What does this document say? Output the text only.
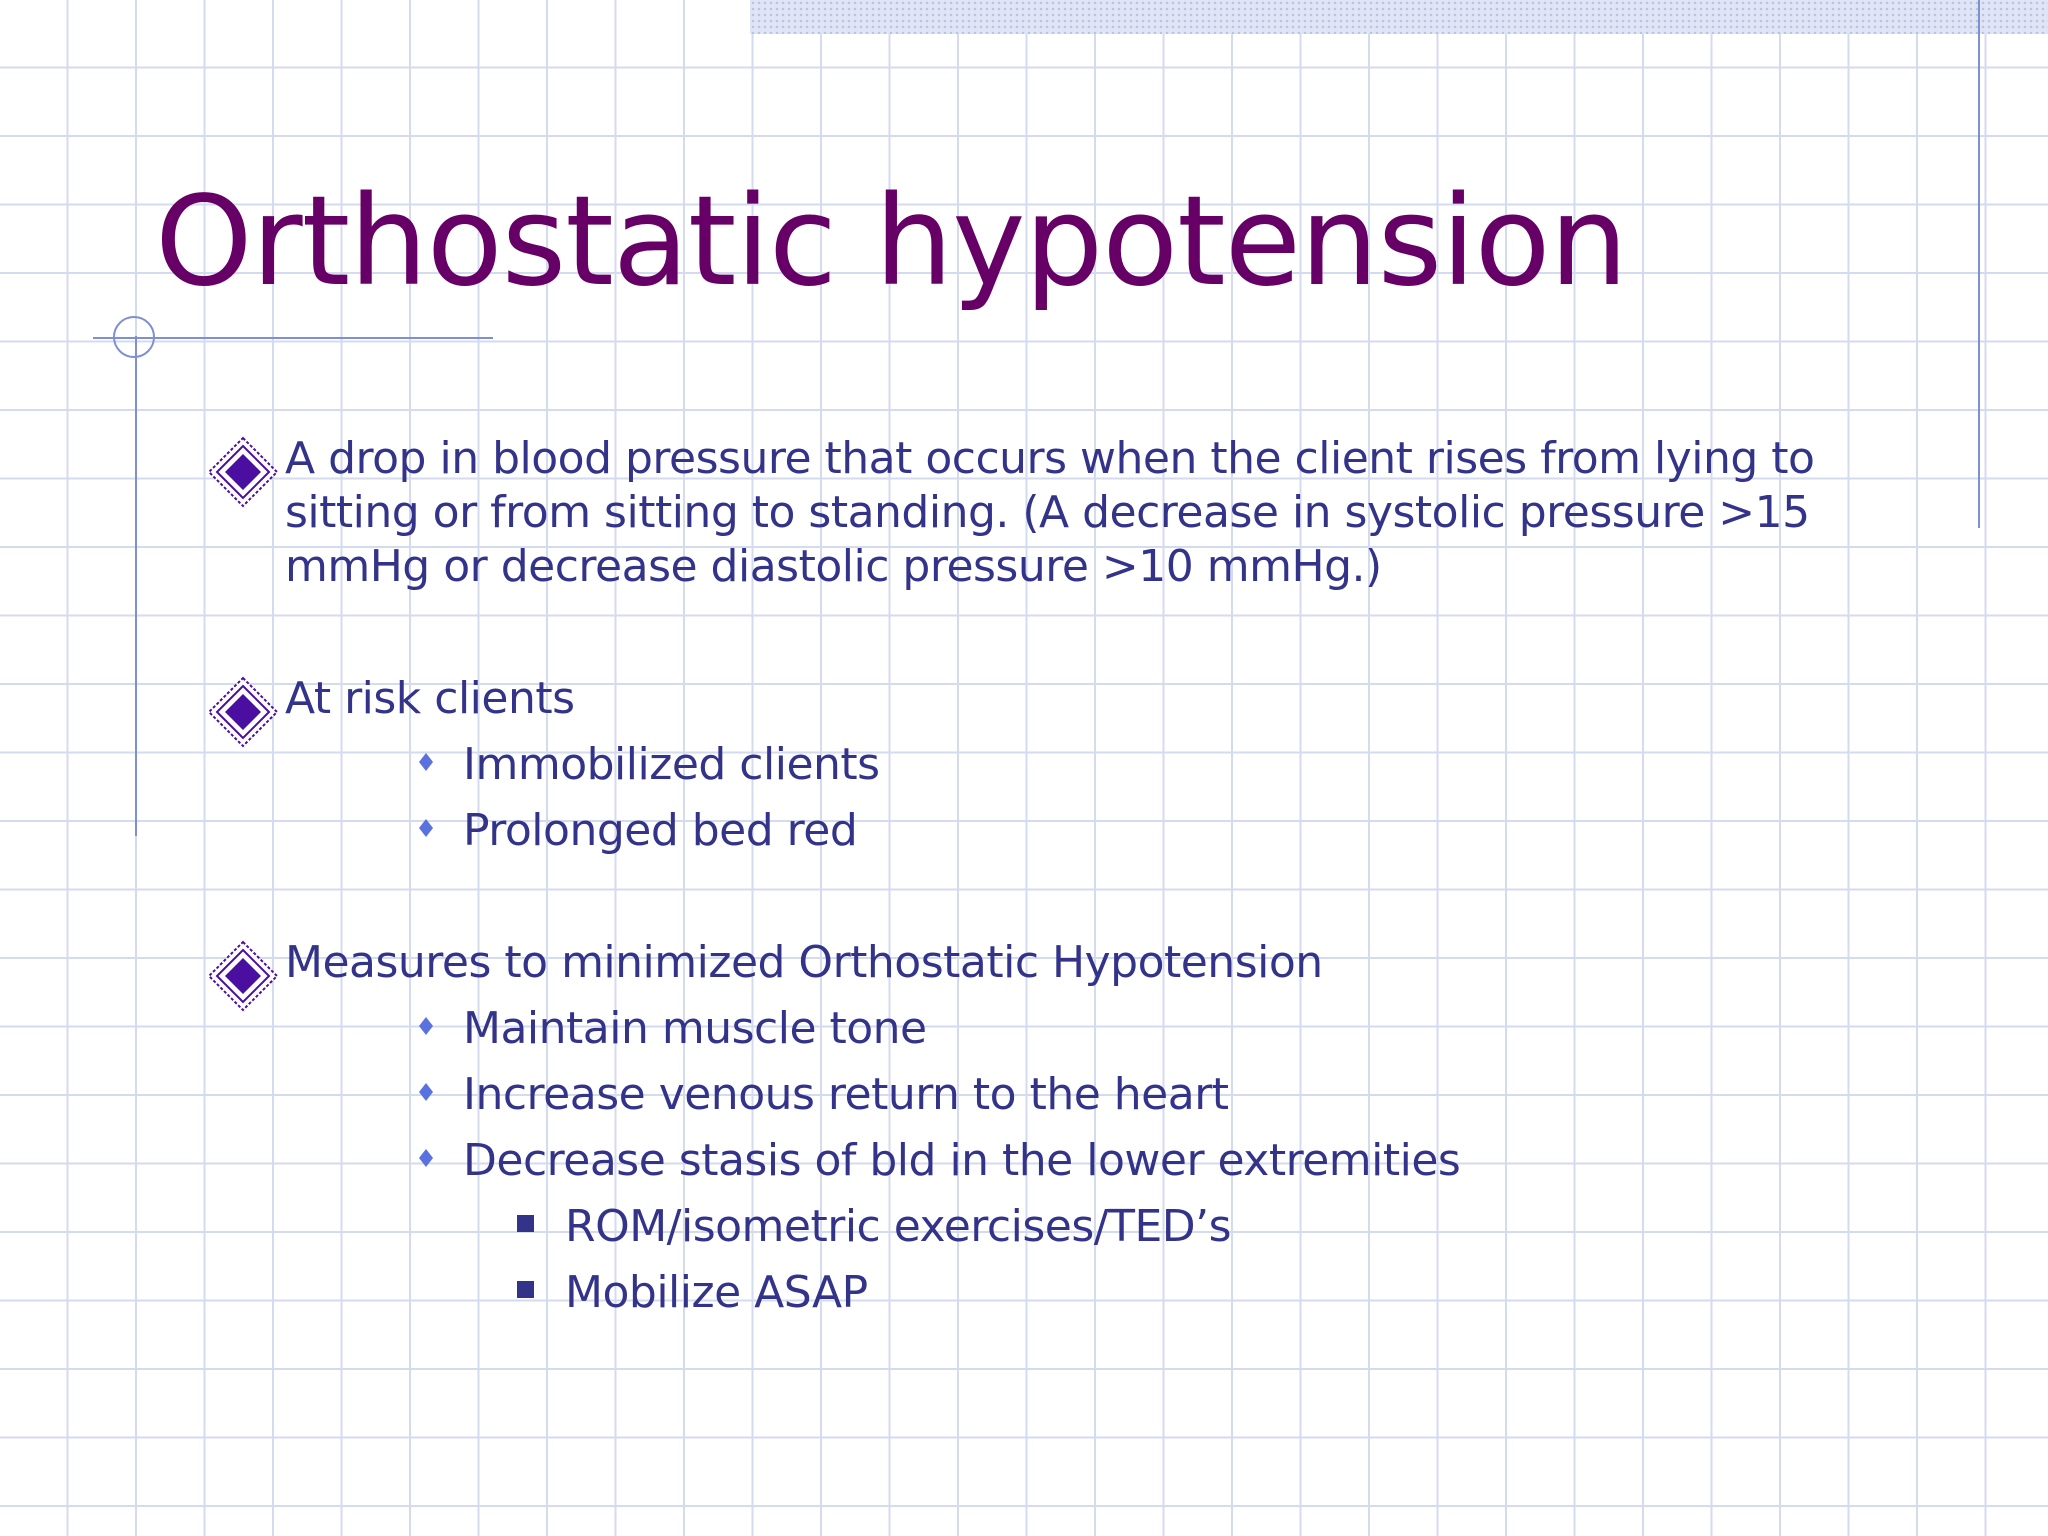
Orthostatic hypotension
A drop in blood pressure that occurs when the client rises from lying to sitting or from sitting to standing. (A decrease in systolic pressure >15 mmHg or decrease diastolic pressure >10 mmHg.)
At risk clients
Immobilized clients
Prolonged bed red
Measures to minimized Orthostatic Hypotension
Maintain muscle tone
Increase venous return to the heart
Decrease stasis of bld in the lower extremities
ROM/isometric exercises/TED’s
Mobilize ASAP
